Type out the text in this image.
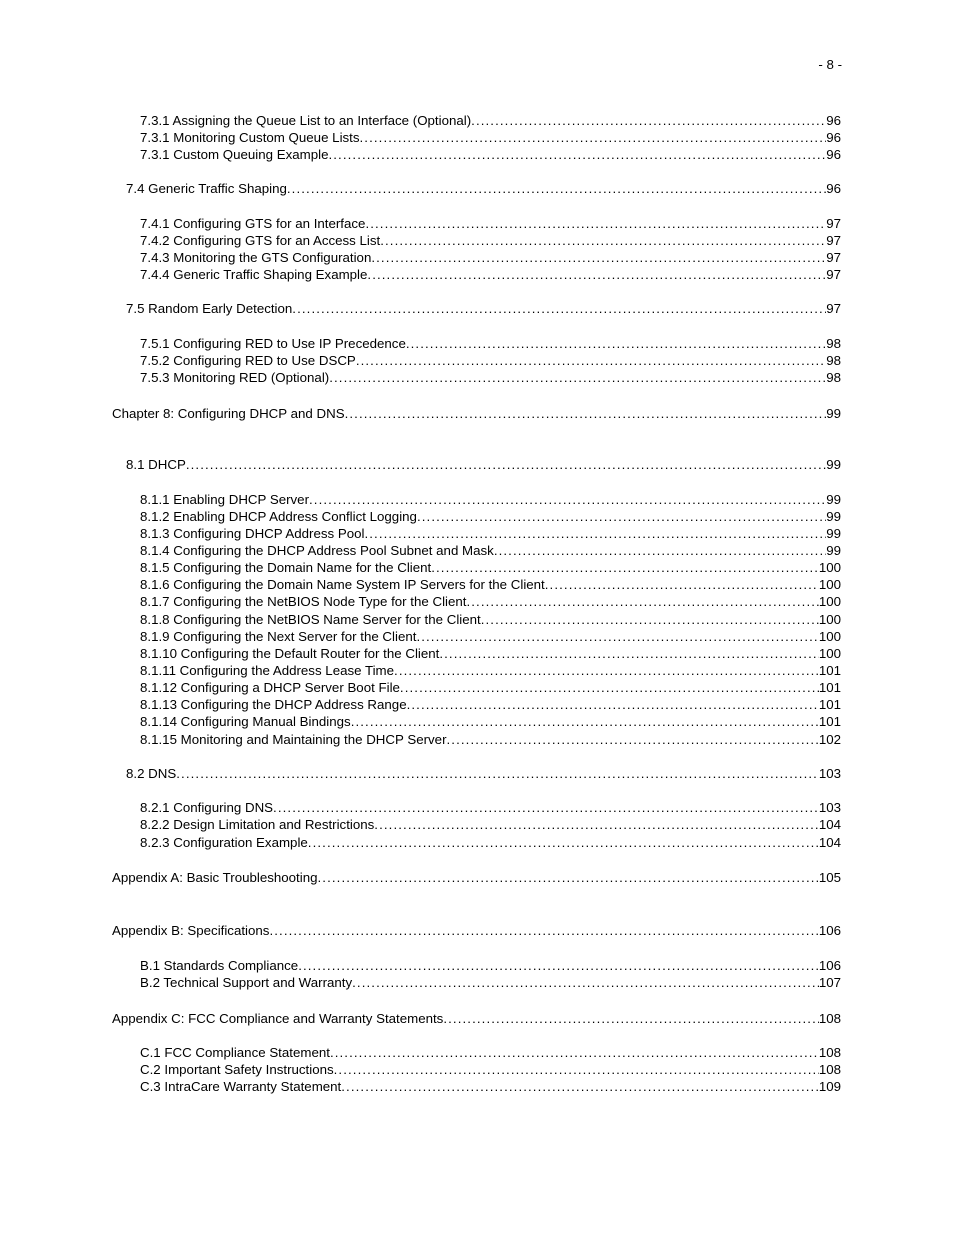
- 8 -
7.3.1 Assigning the Queue List to an Interface (Optional) . . .	96
7.3.1 Monitoring Custom Queue Lists . . .	96
7.3.1 Custom Queuing Example . . .	96
7.4 Generic Traffic Shaping . . .	96
7.4.1 Configuring GTS for an Interface . . .	97
7.4.2 Configuring GTS for an Access List . . .	97
7.4.3 Monitoring the GTS Configuration . . .	97
7.4.4 Generic Traffic Shaping Example . . .	97
7.5 Random Early Detection . . .	97
7.5.1 Configuring RED to Use IP Precedence . . .	98
7.5.2 Configuring RED to Use DSCP . . .	98
7.5.3 Monitoring RED (Optional) . . .	98
Chapter 8: Configuring DHCP and DNS . . .	99
8.1 DHCP . . .	99
8.1.1 Enabling DHCP Server . . .	99
8.1.2 Enabling DHCP Address Conflict Logging . . .	99
8.1.3 Configuring DHCP Address Pool . . .	99
8.1.4 Configuring the DHCP Address Pool Subnet and Mask . . .	99
8.1.5 Configuring the Domain Name for the Client . . .	100
8.1.6 Configuring the Domain Name System IP Servers for the Client . . .	100
8.1.7 Configuring the NetBIOS Node Type for the Client . . .	100
8.1.8 Configuring the NetBIOS Name Server for the Client . . .	100
8.1.9 Configuring the Next Server for the Client . . .	100
8.1.10 Configuring the Default Router for the Client . . .	100
8.1.11 Configuring the Address Lease Time . . .	101
8.1.12 Configuring a DHCP Server Boot File . . .	101
8.1.13 Configuring the DHCP Address Range . . .	101
8.1.14 Configuring Manual Bindings . . .	101
8.1.15 Monitoring and Maintaining the DHCP Server . . .	102
8.2 DNS . . .	103
8.2.1 Configuring DNS . . .	103
8.2.2 Design Limitation and Restrictions . . .	104
8.2.3 Configuration Example . . .	104
Appendix A: Basic Troubleshooting . . .	105
Appendix B: Specifications . . .	106
B.1 Standards Compliance . . .	106
B.2 Technical Support and Warranty . . .	107
Appendix C: FCC Compliance and Warranty Statements . . .	108
C.1 FCC Compliance Statement . . .	108
C.2 Important Safety Instructions . . .	108
C.3 IntraCare Warranty Statement . . .	109
